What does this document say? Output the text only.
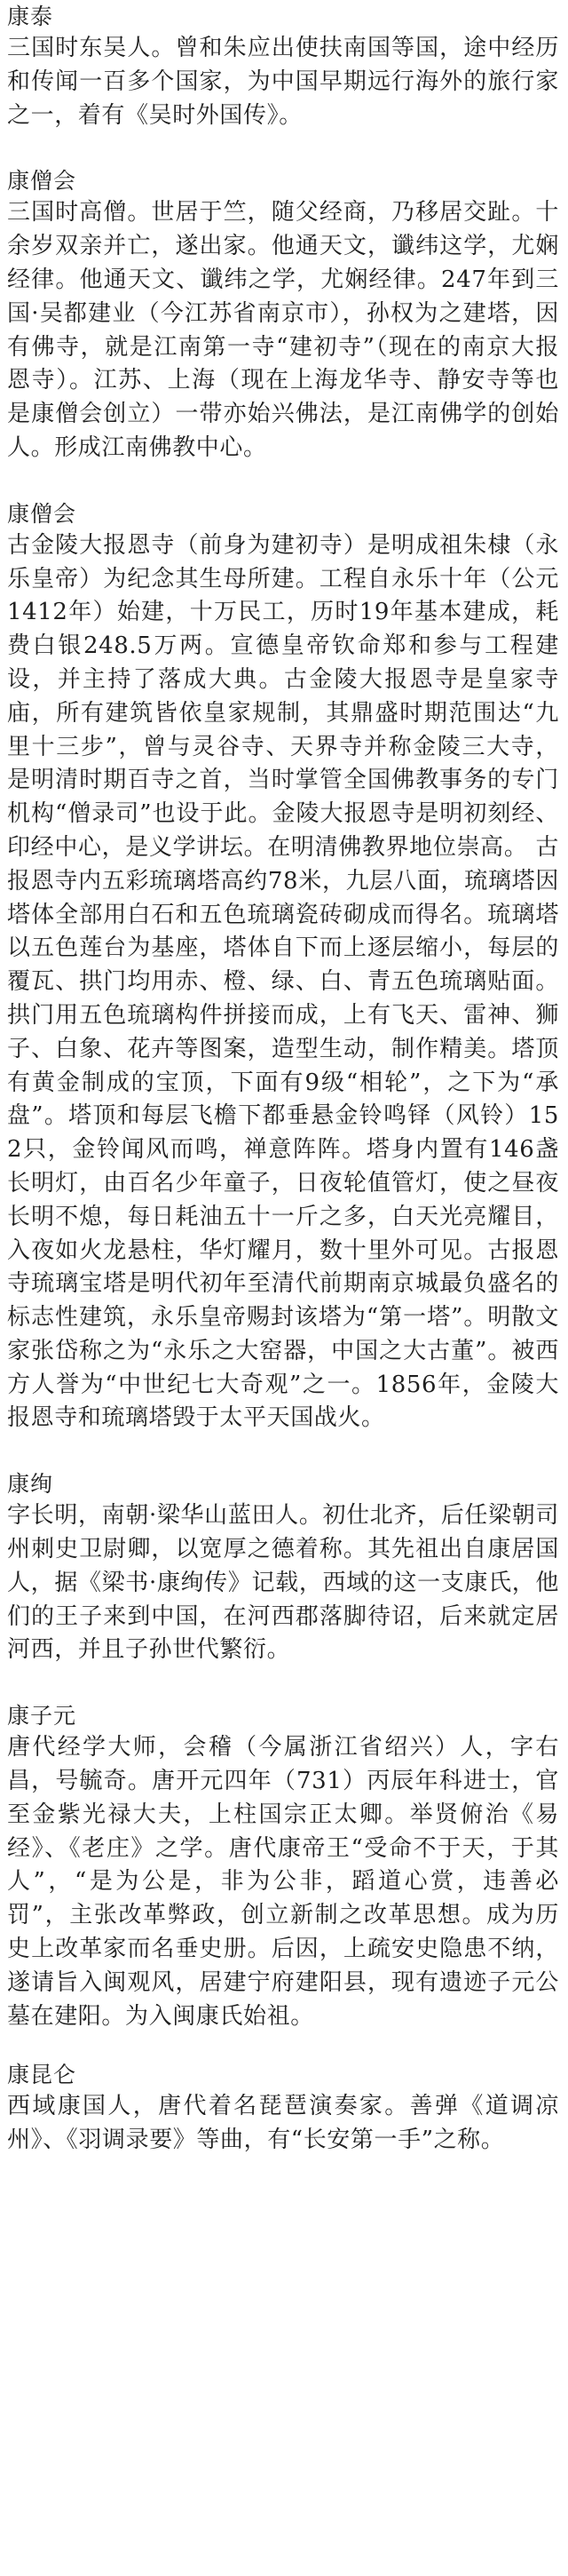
康泰

三国时东吴人。曾和朱应出使扶南国等国，途中经历和传闻一百多个国家，为中国早期远行海外的旅行家之一，着有《吴时外国传》。

康僧会

三国时高僧。世居于竺，随父经商，乃移居交趾。十余岁双亲并亡，遂出家。他通天文，谶纬这学，尤娴经律。他通天文、谶纬之学，尤娴经律。247年到三国·吴都建业（今江苏省南京市），孙权为之建塔，因有佛寺，就是江南第一寺“建初寺”（现在的南京大报恩寺）。江苏、上海（现在上海龙华寺、静安寺等也是康僧会创立）一带亦始兴佛法，是江南佛学的创始人。形成江南佛教中心。

康僧会

古金陵大报恩寺（前身为建初寺）是明成祖朱棣（永乐皇帝）为纪念其生母所建。工程自永乐十年（公元1412年）始建，十万民工，历时19年基本建成，耗费白银248.5万两。宣德皇帝钦命郑和参与工程建设，并主持了落成大典。古金陵大报恩寺是皇家寺庙，所有建筑皆依皇家规制，其鼎盛时期范围达“九里十三步”，曾与灵谷寺、天界寺并称金陵三大寺，是明清时期百寺之首，当时掌管全国佛教事务的专门机构“僧录司”也设于此。金陵大报恩寺是明初刻经、印经中心，是义学讲坛。在明清佛教界地位崇高。 古报恩寺内五彩琉璃塔高约78米，九层八面，琉璃塔因塔体全部用白石和五色琉璃瓷砖砌成而得名。琉璃塔以五色莲台为基座，塔体自下而上逐层缩小，每层的覆瓦、拱门均用赤、橙、绿、白、青五色琉璃贴面。拱门用五色琉璃构件拼接而成，上有飞天、雷神、狮子、白象、花卉等图案，造型生动，制作精美。塔顶有黄金制成的宝顶，下面有9级“相轮”，之下为“承盘”。塔顶和每层飞檐下都垂悬金铃鸣铎（风铃）152只，金铃闻风而鸣，禅意阵阵。塔身内置有146盏长明灯，由百名少年童子，日夜轮值管灯，使之昼夜长明不熄，每日耗油五十一斤之多，白天光亮耀目，入夜如火龙悬柱，华灯耀月，数十里外可见。古报恩寺琉璃宝塔是明代初年至清代前期南京城最负盛名的标志性建筑，永乐皇帝赐封该塔为“第一塔”。明散文家张岱称之为“永乐之大窑器，中国之大古董”。被西方人誉为“中世纪七大奇观”之一。1856年，金陵大报恩寺和琉璃塔毁于太平天国战火。

康绚

字长明，南朝·梁华山蓝田人。初仕北齐，后任梁朝司州刺史卫尉卿，以宽厚之德着称。其先祖出自康居国人，据《梁书·康绚传》记载，西域的这一支康氏，他们的王子来到中国，在河西郡落脚待诏，后来就定居河西，并且子孙世代繁衍。

康子元

唐代经学大师，会稽（今属浙江省绍兴）人，字右昌，号毓奇。唐开元四年（731）丙辰年科进士，官至金紫光禄大夫，上柱国宗正太卿。举贤俯治《易经》、《老庄》之学。唐代康帝王“受命不于天，于其人”，“是为公是，非为公非，蹈道心赏，违善必罚”，主张改革弊政，创立新制之改革思想。成为历史上改革家而名垂史册。后因，上疏安史隐患不纳，遂请旨入闽观风，居建宁府建阳县，现有遗迹子元公墓在建阳。为入闽康氏始祖。

康昆仑

西域康国人，唐代着名琵琶演奏家。善弹《道调凉州》、《羽调录要》等曲，有“长安第一手”之称。
